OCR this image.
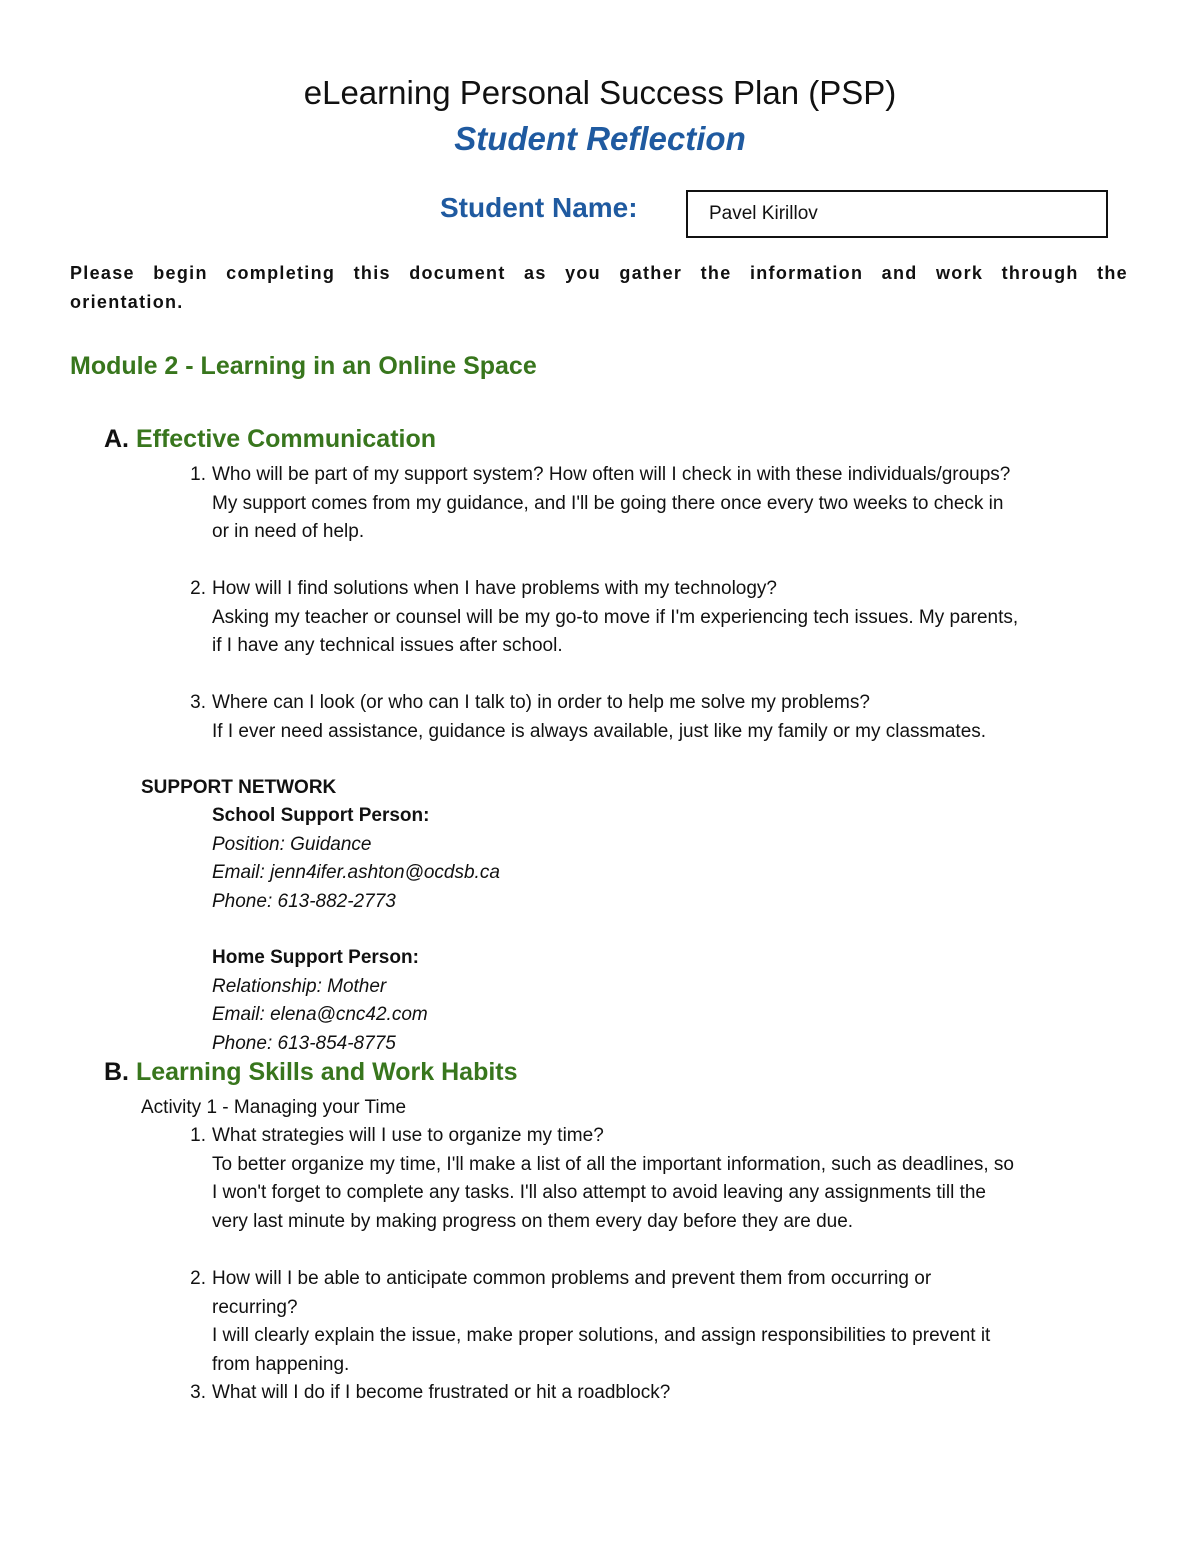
eLearning Personal Success Plan (PSP)
Student Reflection
Student Name:	Pavel Kirillov
Please begin completing this document as you gather the information and work through the
orientation.
Module 2 - Learning in an Online Space
A. Effective Communication
1. Who will be part of my support system? How often will I check in with these individuals/groups?
My support comes from my guidance, and I'll be going there once every two weeks to check in
or in need of help.
2. How will I find solutions when I have problems with my technology?
Asking my teacher or counsel will be my go-to move if I'm experiencing tech issues. My parents,
if I have any technical issues after school.
3. Where can I look (or who can I talk to) in order to help me solve my problems?
If I ever need assistance, guidance is always available, just like my family or my classmates.
SUPPORT NETWORK
School Support Person:
Position: Guidance
Email: jenn4ifer.ashton@ocdsb.ca
Phone: 613-882-2773
Home Support Person:
Relationship: Mother
Email: elena@cnc42.com
Phone: 613-854-8775
B. Learning Skills and Work Habits
Activity 1 - Managing your Time
1. What strategies will I use to organize my time?
To better organize my time, I'll make a list of all the important information, such as deadlines, so
I won't forget to complete any tasks. I'll also attempt to avoid leaving any assignments till the
very last minute by making progress on them every day before they are due.
2. How will I be able to anticipate common problems and prevent them from occurring or
recurring?
I will clearly explain the issue, make proper solutions, and assign responsibilities to prevent it
from happening.
3. What will I do if I become frustrated or hit a roadblock?
